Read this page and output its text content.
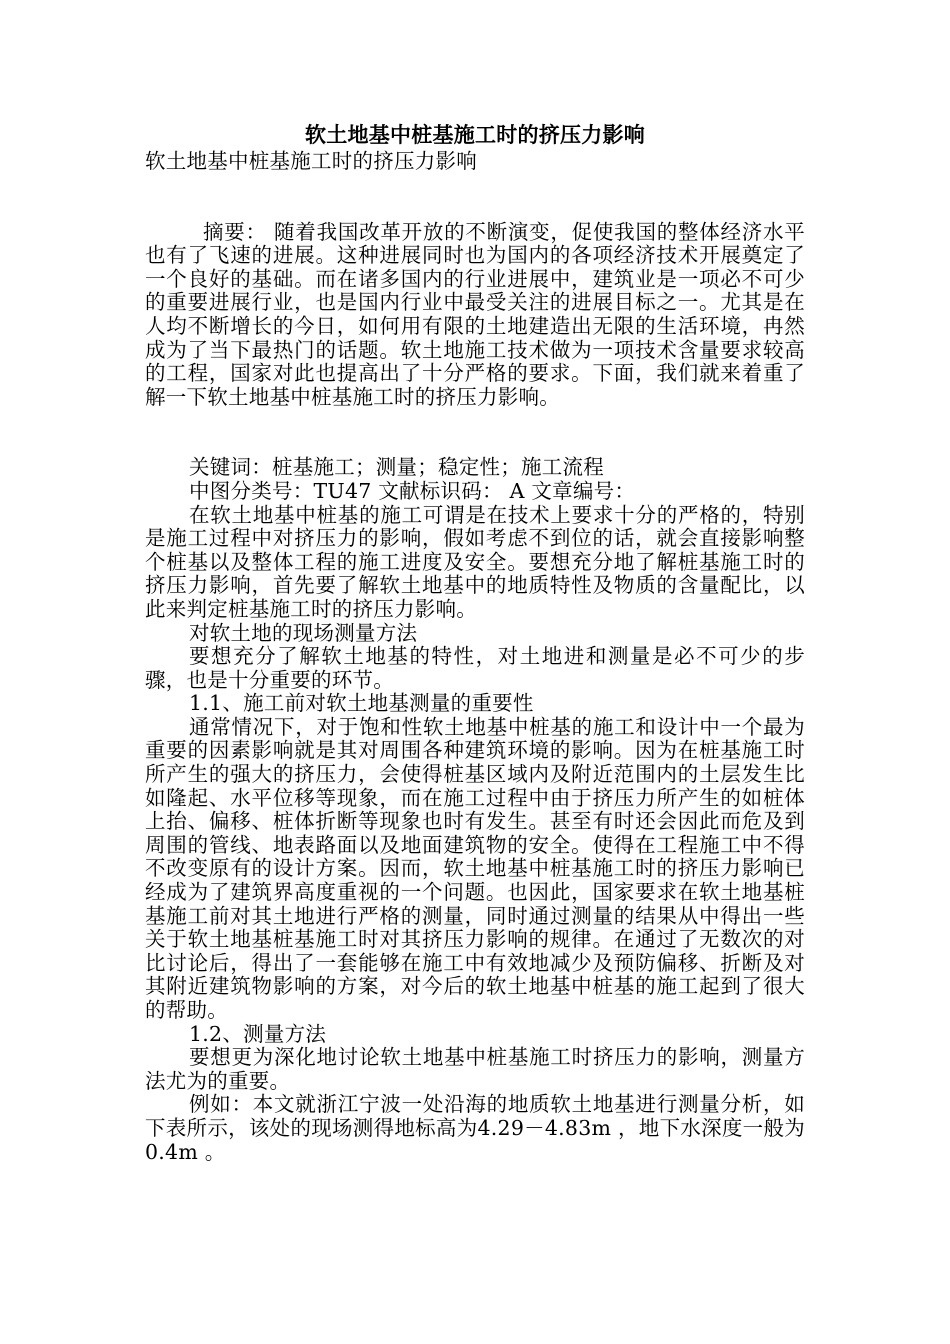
软土地基中桩基施工时的挤压力影响

软土地基中桩基施工时的挤压力影响

摘要： 随着我国改革开放的不断演变，促使我国的整体经济水平也有了飞速的进展。这种进展同时也为国内的各项经济技术开展奠定了一个良好的基础。而在诸多国内的行业进展中，建筑业是一项必不可少的重要进展行业，也是国内行业中最受关注的进展目标之一。尤其是在人均不断增长的今日，如何用有限的土地建造出无限的生活环境，冉然成为了当下最热门的话题。软土地施工技术做为一项技术含量要求较高的工程，国家对此也提高出了十分严格的要求。下面，我们就来着重了解一下软土地基中桩基施工时的挤压力影响。

关键词：桩基施工；测量；稳定性；施工流程

中图分类号：TU47 文献标识码： A 文章编号：

在软土地基中桩基的施工可谓是在技术上要求十分的严格的，特别是施工过程中对挤压力的影响，假如考虑不到位的话，就会直接影响整个桩基以及整体工程的施工进度及安全。要想充分地了解桩基施工时的挤压力影响，首先要了解软土地基中的地质特性及物质的含量配比，以此来判定桩基施工时的挤压力影响。

对软土地的现场测量方法

要想充分了解软土地基的特性，对土地进和测量是必不可少的步骤，也是十分重要的环节。

1.1、施工前对软土地基测量的重要性

通常情况下，对于饱和性软土地基中桩基的施工和设计中一个最为重要的因素影响就是其对周围各种建筑环境的影响。因为在桩基施工时所产生的强大的挤压力，会使得桩基区域内及附近范围内的土层发生比如隆起、水平位移等现象，而在施工过程中由于挤压力所产生的如桩体上抬、偏移、桩体折断等现象也时有发生。甚至有时还会因此而危及到周围的管线、地表路面以及地面建筑物的安全。使得在工程施工中不得不改变原有的设计方案。因而，软土地基中桩基施工时的挤压力影响已经成为了建筑界高度重视的一个问题。也因此，国家要求在软土地基桩基施工前对其土地进行严格的测量，同时通过测量的结果从中得出一些关于软土地基桩基施工时对其挤压力影响的规律。在通过了无数次的对比讨论后，得出了一套能够在施工中有效地减少及预防偏移、折断及对其附近建筑物影响的方案，对今后的软土地基中桩基的施工起到了很大的帮助。

1.2、测量方法

要想更为深化地讨论软土地基中桩基施工时挤压力的影响，测量方法尤为的重要。

例如：本文就浙江宁波一处沿海的地质软土地基进行测量分析，如下表所示，该处的现场测得地标高为4.29－4.83m ，地下水深度一般为0.4m 。
